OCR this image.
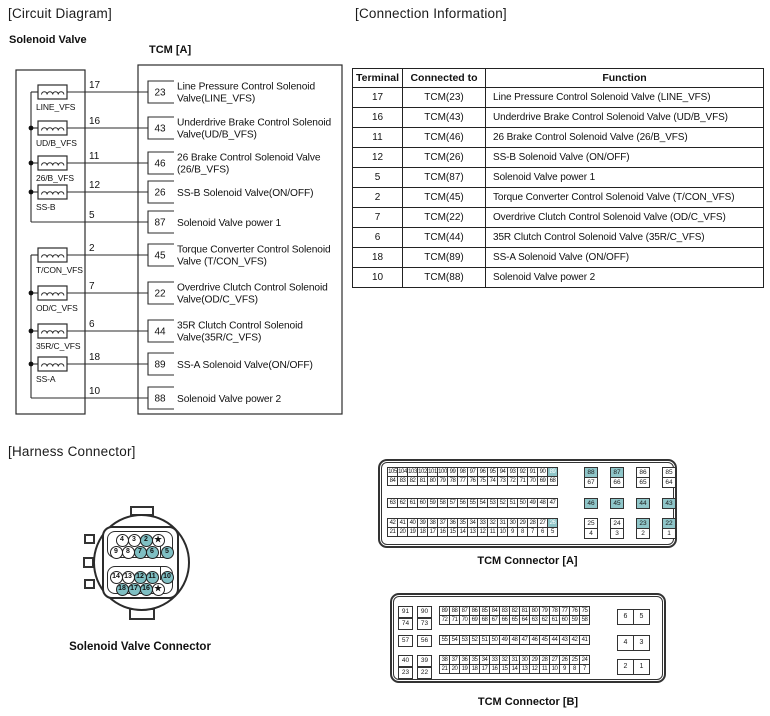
[Circuit Diagram]	[Connection Information]
[Harness Connector]
Solenoid Valve
TCM [A]
LINE_VFS
17
23
Line Pressure Control Solenoid
Valve(LINE_VFS)
UD/B_VFS
16
43
Underdrive Brake Control Solenoid
Valve(UD/B_VFS)
26/B_VFS
11
46
26 Brake Control Solenoid Valve
(26/B_VFS)
SS-B
12
26 SS-B Solenoid Valve(ON/OFF)
5
87 Solenoid Valve power 1
T/CON_VFS
2
45
Torque Converter Control Solenoid
Valve (T/CON_VFS)
OD/C_VFS
7
22
Overdrive Clutch Control Solenoid
Valve(OD/C_VFS)
35R/C_VFS
6
44
35R Clutch Control Solenoid
Valve(35R/C_VFS)
SS-A
18
89 SS-A Solenoid Valve(ON/OFF)
10
88 Solenoid Valve power 2
Terminal	Connected to	Function
17	TCM(23)	Line Pressure Control Solenoid Valve (LINE_VFS)
16	TCM(43)	Underdrive Brake Control Solenoid Valve (UD/B_VFS)
11	TCM(46)	26 Brake Control Solenoid Valve (26/B_VFS)
12	TCM(26)	SS-B Solenoid Valve (ON/OFF)
5	TCM(87)	Solenoid Valve power 1
2	TCM(45)	Torque Converter Control Solenoid Valve (T/CON_VFS)
7	TCM(22)	Overdrive Clutch Control Solenoid Valve (OD/C_VFS)
6	TCM(44)	35R Clutch Control Solenoid Valve (35R/C_VFS)
18	TCM(89)	SS-A Solenoid Valve (ON/OFF)
10	TCM(88)	Solenoid Valve power 2
105	104	103	102	101	100	99	98	97	96	95	94	93	92	91	90	89
84	83	82	81	80	79	78	77	76	75	74	73	72	71	70	69	68
63	62	61	60	59	58	57	56	55	54	53	52	51	50	49	48	47
42	41	40	39	38	37	36	35	34	33	32	31	30	29	28	27	26
21	20	19	18	17	16	15	14	13	12	11	10	9	8	7	6	5
88	87	86	85
67	66	65	64
46	45	44	43
25	24	23	22
4	3	2	1
TCM Connector [A]
91
74
57
40
23
90
73
56
39
22
89	88	87	86	85	84	83	82	81	80	79	78	77	76	75
72	71	70	69	68	67	66	65	64	63	62	61	60	59	58
55	54	53	52	51	50	49	48	47	46	45	44	43	42	41
38	37	36	35	34	33	32	31	30	29	28	27	26	25	24
21	20	19	18	17	16	15	14	13	12	11	10	9	8	7
6	5
4	3
2	1
TCM Connector [B]
4	3	2 ★
9	8	7	6	5
14 13 12 11	10
18 17 16 ★
Solenoid Valve Connector
